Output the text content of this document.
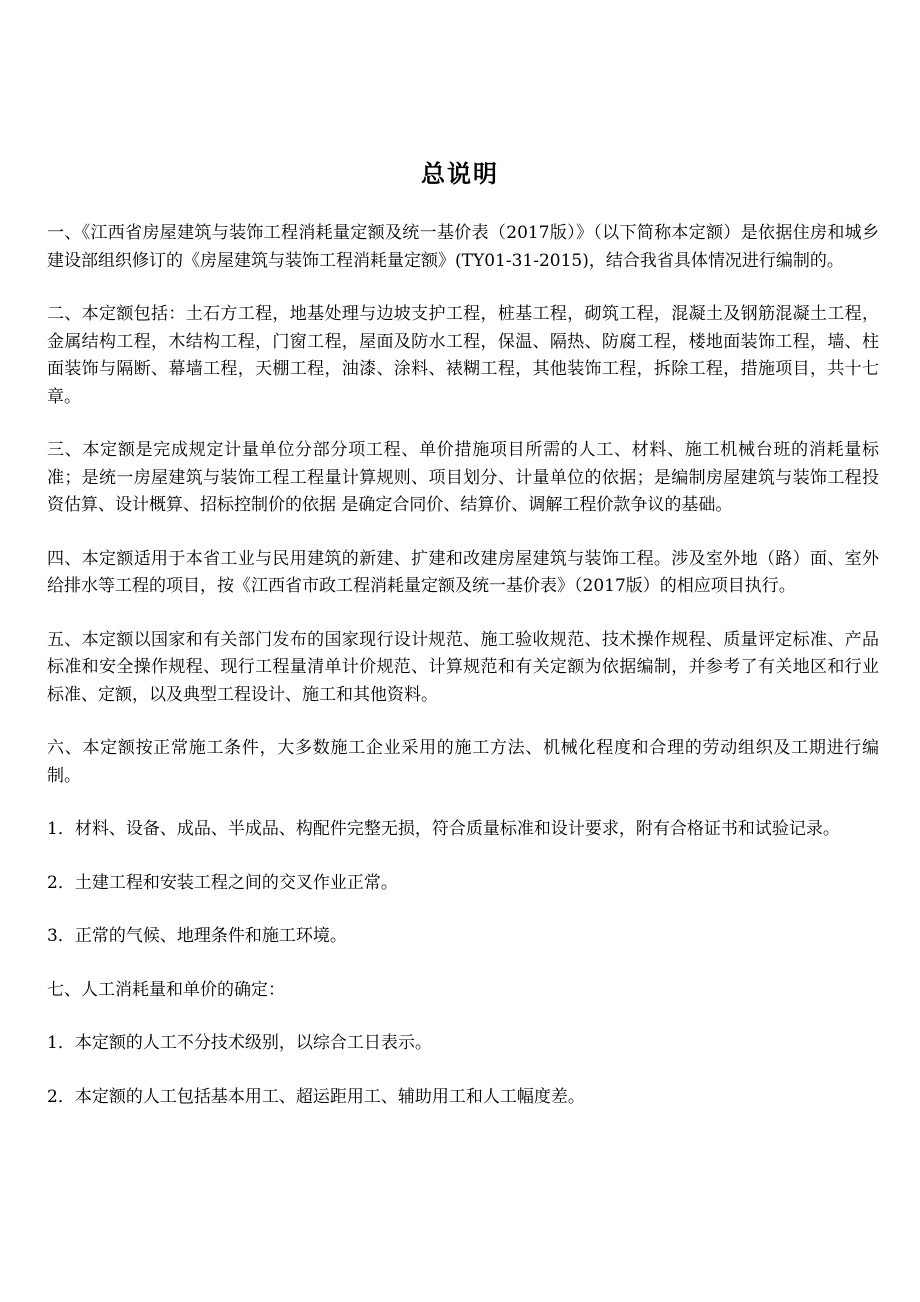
总说明

一、《江西省房屋建筑与装饰工程消耗量定额及统一基价表（2017版）》（以下简称本定额）是依据住房和城乡建设部组织修订的《房屋建筑与装饰工程消耗量定额》(TY01-31-2015)，结合我省具体情况进行编制的。

二、本定额包括：土石方工程，地基处理与边坡支护工程，桩基工程，砌筑工程，混凝土及钢筋混凝土工程，金属结构工程，木结构工程，门窗工程，屋面及防水工程，保温、隔热、防腐工程，楼地面装饰工程，墙、柱面装饰与隔断、幕墙工程，天棚工程，油漆、涂料、裱糊工程，其他装饰工程，拆除工程，措施项目，共十七章。

三、本定额是完成规定计量单位分部分项工程、单价措施项目所需的人工、材料、施工机械台班的消耗量标准；是统一房屋建筑与装饰工程工程量计算规则、项目划分、计量单位的依据；是编制房屋建筑与装饰工程投资估算、设计概算、招标控制价的依据 是确定合同价、结算价、调解工程价款争议的基础。

四、本定额适用于本省工业与民用建筑的新建、扩建和改建房屋建筑与装饰工程。涉及室外地（路）面、室外给排水等工程的项目，按《江西省市政工程消耗量定额及统一基价表》（2017版）的相应项目执行。

五、本定额以国家和有关部门发布的国家现行设计规范、施工验收规范、技术操作规程、质量评定标准、产品标准和安全操作规程、现行工程量清单计价规范、计算规范和有关定额为依据编制，并参考了有关地区和行业标准、定额，以及典型工程设计、施工和其他资料。

六、本定额按正常施工条件，大多数施工企业采用的施工方法、机械化程度和合理的劳动组织及工期进行编制。

1．材料、设备、成品、半成品、构配件完整无损，符合质量标准和设计要求，附有合格证书和试验记录。

2．土建工程和安装工程之间的交叉作业正常。

3．正常的气候、地理条件和施工环境。

七、人工消耗量和单价的确定：

1．本定额的人工不分技术级别，以综合工日表示。

2．本定额的人工包括基本用工、超运距用工、辅助用工和人工幅度差。
